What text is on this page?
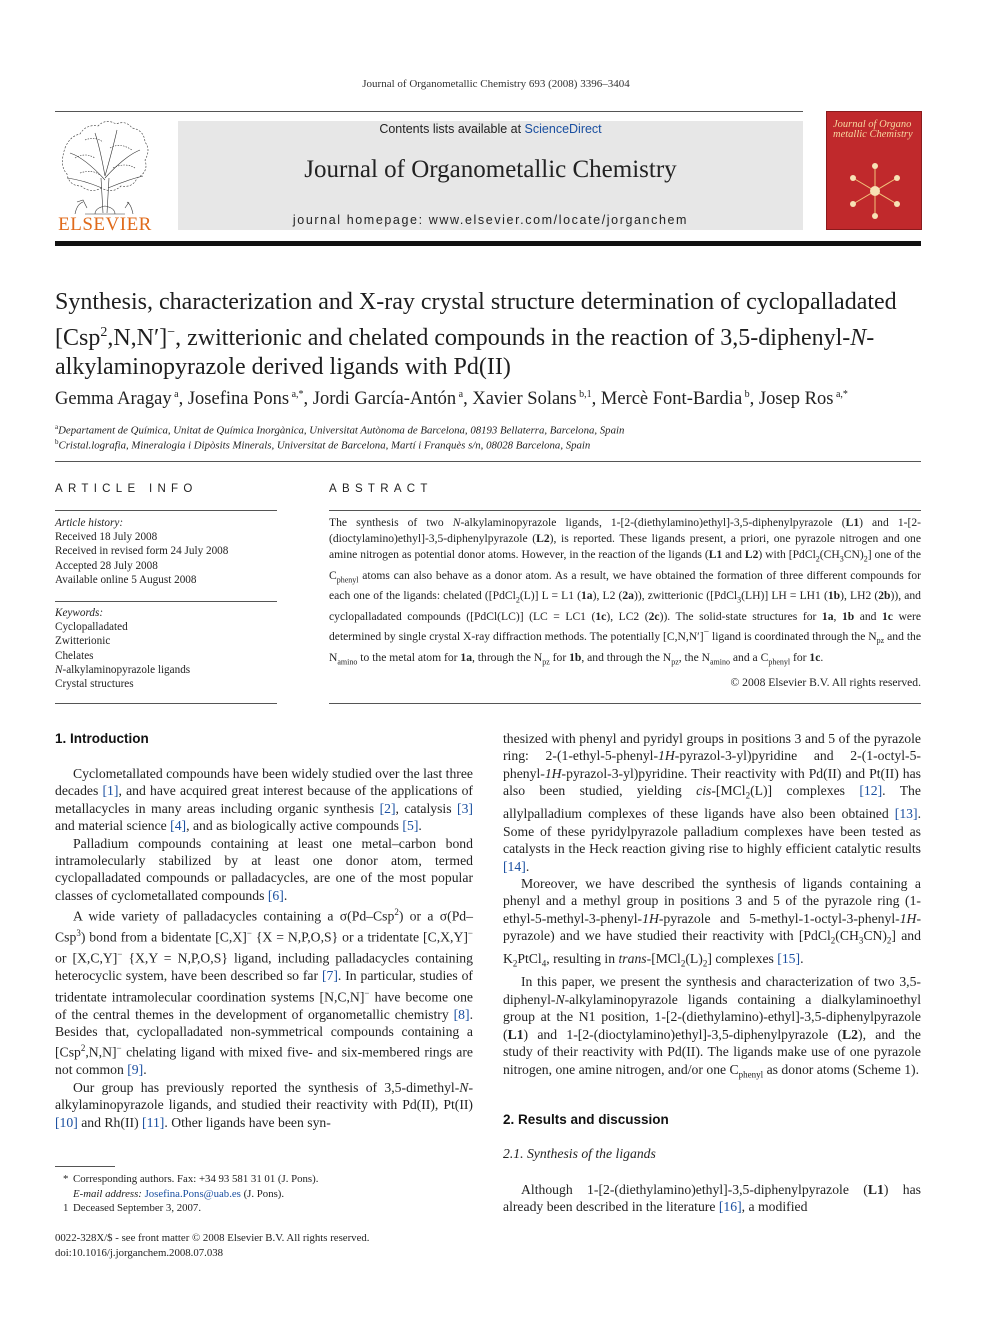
Journal of Organometallic Chemistry 693 (2008) 3396–3404
ELSEVIER
Contents lists available at ScienceDirect
Journal of Organometallic Chemistry
journal homepage: www.elsevier.com/locate/jorganchem
Journal of Organo metallic Chemistry
Synthesis, characterization and X-ray crystal structure determination of cyclopalladated [Csp$^2$,N,N′]−, zwitterionic and chelated compounds in the reaction of 3,5-diphenyl-N-alkylaminopyrazole derived ligands with Pd(II)
Gemma Aragay $^a$, Josefina Pons $^{a,*}$, Jordi García-Antón $^a$, Xavier Solans $^{b,1}$, Mercè Font-Bardia $^b$, Josep Ros $^{a,*}$
$^a$Departament de Química, Unitat de Química Inorgànica, Universitat Autònoma de Barcelona, 08193 Bellaterra, Barcelona, Spain
$^b$Cristal.lografia, Mineralogia i Dipòsits Minerals, Universitat de Barcelona, Martí i Franquès s/n, 08028 Barcelona, Spain
ARTICLE INFO
Article history:
Received 18 July 2008
Received in revised form 24 July 2008
Accepted 28 July 2008
Available online 5 August 2008
Keywords:
Cyclopalladated
Zwitterionic
Chelates
N-alkylaminopyrazole ligands
Crystal structures
ABSTRACT
The synthesis of two N-alkylaminopyrazole ligands, 1-[2-(diethylamino)ethyl]-3,5-diphenylpyrazole (L1) and 1-[2-(dioctylamino)ethyl]-3,5-diphenylpyrazole (L2), is reported. These ligands present, a priori, one pyrazole nitrogen and one amine nitrogen as potential donor atoms. However, in the reaction of the ligands (L1 and L2) with $[PdCl_2(CH_3CN)_2]$ one of the $C_{phenyl}$ atoms can also behave as a donor atom. As a result, we have obtained the formation of three different compounds for each one of the ligands: chelated ([PdCl$_2$(L)] L = L1 (1a), L2 (2a)), zwitterionic ([PdCl$_3$(LH)] LH = LH1 (1b), LH2 (2b)), and cyclopalladated compounds ([PdCl(LC)] (LC = LC1 (1c), LC2 (2c)). The solid-state structures for 1a, 1b and 1c were determined by single crystal X-ray diffraction methods. The potentially [C,N,N′]− ligand is coordinated through the $N_{pz}$ and the $N_{amino}$ to the metal atom for 1a, through the $N_{pz}$ for 1b, and through the $N_{pz}$, the $N_{amino}$ and a $C_{phenyl}$ for 1c.
© 2008 Elsevier B.V. All rights reserved.
1. Introduction

Cyclometallated compounds have been widely studied over the last three decades [1], and have acquired great interest because of the applications of metallacycles in many areas including organic synthesis [2], catalysis [3] and material science [4], and as biologically active compounds [5].

Palladium compounds containing at least one metal–carbon bond intramolecularly stabilized by at least one donor atom, termed cyclopalladated compounds or palladacycles, are one of the most popular classes of cyclometallated compounds [6].

A wide variety of palladacycles containing a σ(Pd–Csp$^2$) or a σ(Pd–Csp$^3$) bond from a bidentate [C,X]− {X = N,P,O,S} or a tridentate [C,X,Y]− or [X,C,Y]− {X,Y = N,P,O,S} ligand, including palladacycles containing heterocyclic system, have been described so far [7]. In particular, studies of tridentate intramolecular coordination systems [N,C,N]− have become one of the central themes in the development of organometallic chemistry [8]. Besides that, cyclopalladated non-symmetrical compounds containing a [Csp$^2$,N,N]− chelating ligand with mixed five- and six-membered rings are not common [9].

Our group has previously reported the synthesis of 3,5-dimethyl-N-alkylaminopyrazole ligands, and studied their reactivity with Pd(II), Pt(II) [10] and Rh(II) [11]. Other ligands have been syn-

thesized with phenyl and pyridyl groups in positions 3 and 5 of the pyrazole ring: 2-(1-ethyl-5-phenyl-1H-pyrazol-3-yl)pyridine and 2-(1-octyl-5-phenyl-1H-pyrazol-3-yl)pyridine. Their reactivity with Pd(II) and Pt(II) has also been studied, yielding cis-[MCl$_2$(L)] complexes [12]. The allylpalladium complexes of these ligands have also been obtained [13]. Some of these pyridylpyrazole palladium complexes have been tested as catalysts in the Heck reaction giving rise to highly efficient catalytic results [14].

Moreover, we have described the synthesis of ligands containing a phenyl and a methyl group in positions 3 and 5 of the pyrazole ring (1-ethyl-5-methyl-3-phenyl-1H-pyrazole and 5-methyl-1-octyl-3-phenyl-1H-pyrazole) and we have studied their reactivity with $[PdCl_2(CH_3CN)_2]$ and $K_2PtCl_4$, resulting in trans-$[MCl_2(L)_2]$ complexes [15].

In this paper, we present the synthesis and characterization of two 3,5-diphenyl-N-alkylaminopyrazole ligands containing a dialkylaminoethyl group at the N1 position, 1-[2-(diethylamino)-ethyl]-3,5-diphenylpyrazole (L1) and 1-[2-(dioctylamino)ethyl]-3,5-diphenylpyrazole (L2), and the study of their reactivity with Pd(II). The ligands make use of one pyrazole nitrogen, one amine nitrogen, and/or one $C_{phenyl}$ as donor atoms (Scheme 1).

2. Results and discussion
2.1. Synthesis of the ligands

Although 1-[2-(diethylamino)ethyl]-3,5-diphenylpyrazole (L1) has already been described in the literature [16], a modified

* Corresponding authors. Fax: +34 93 581 31 01 (J. Pons).
E-mail address: Josefina.Pons@uab.es (J. Pons).
1 Deceased September 3, 2007.
0022-328X/$ - see front matter © 2008 Elsevier B.V. All rights reserved.
doi:10.1016/j.jorganchem.2008.07.038
